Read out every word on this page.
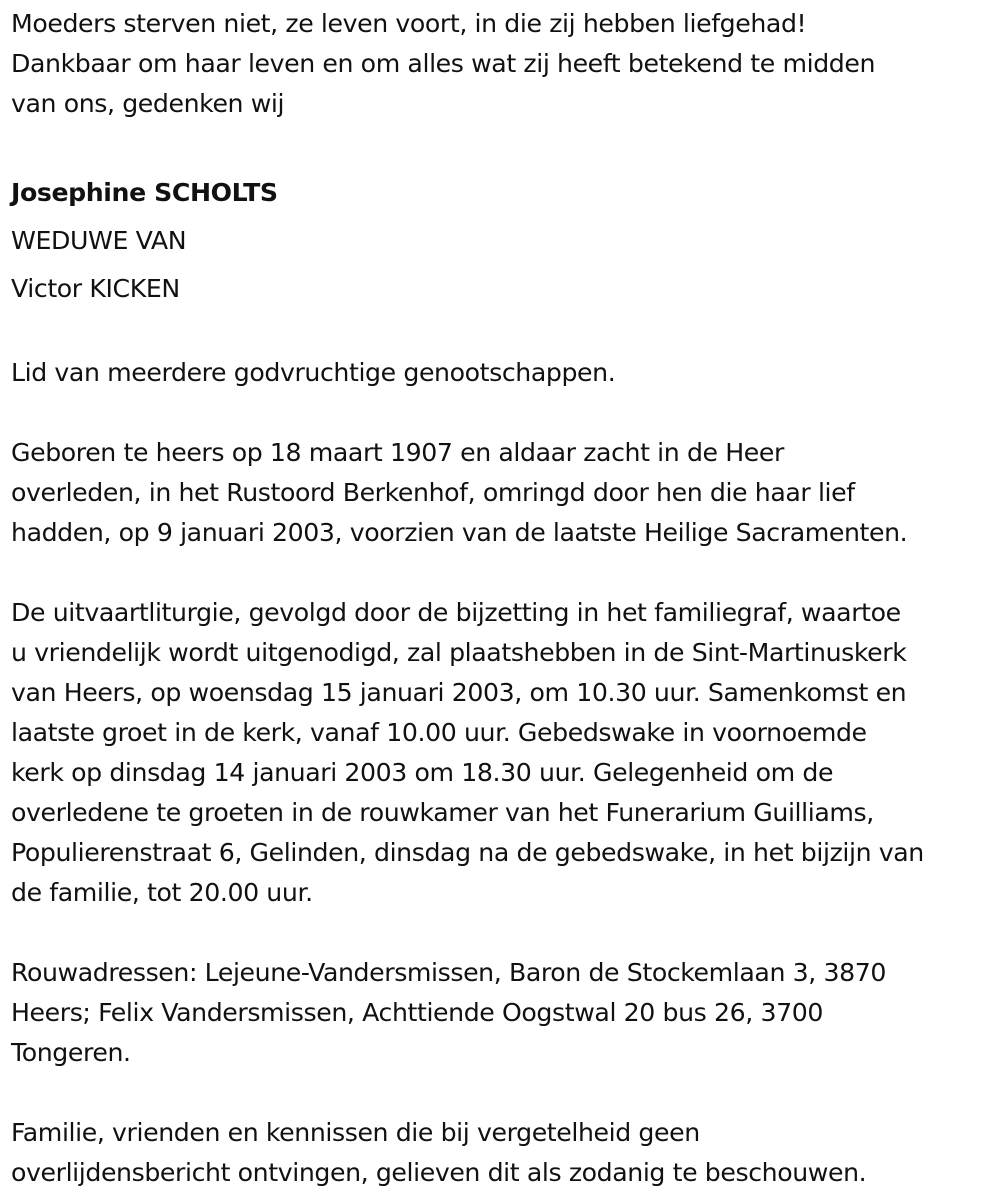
Moeders sterven niet, ze leven voort, in die zij hebben liefgehad!
Dankbaar om haar leven en om alles wat zij heeft betekend te midden
van ons, gedenken wij

Josephine SCHOLTS

WEDUWE VAN

Victor KICKEN

Lid van meerdere godvruchtige genootschappen.

Geboren te heers op 18 maart 1907 en aldaar zacht in de Heer
overleden, in het Rustoord Berkenhof, omringd door hen die haar lief
hadden, op 9 januari 2003, voorzien van de laatste Heilige Sacramenten.

De uitvaartliturgie, gevolgd door de bijzetting in het familiegraf, waartoe
u vriendelijk wordt uitgenodigd, zal plaatshebben in de Sint-Martinuskerk
van Heers, op woensdag 15 januari 2003, om 10.30 uur. Samenkomst en
laatste groet in de kerk, vanaf 10.00 uur. Gebedswake in voornoemde
kerk op dinsdag 14 januari 2003 om 18.30 uur. Gelegenheid om de
overledene te groeten in de rouwkamer van het Funerarium Guilliams,
Populierenstraat 6, Gelinden, dinsdag na de gebedswake, in het bijzijn van
de familie, tot 20.00 uur.

Rouwadressen: Lejeune-Vandersmissen, Baron de Stockemlaan 3, 3870
Heers; Felix Vandersmissen, Achttiende Oogstwal 20 bus 26, 3700
Tongeren.

Familie, vrienden en kennissen die bij vergetelheid geen
overlijdensbericht ontvingen, gelieven dit als zodanig te beschouwen.
